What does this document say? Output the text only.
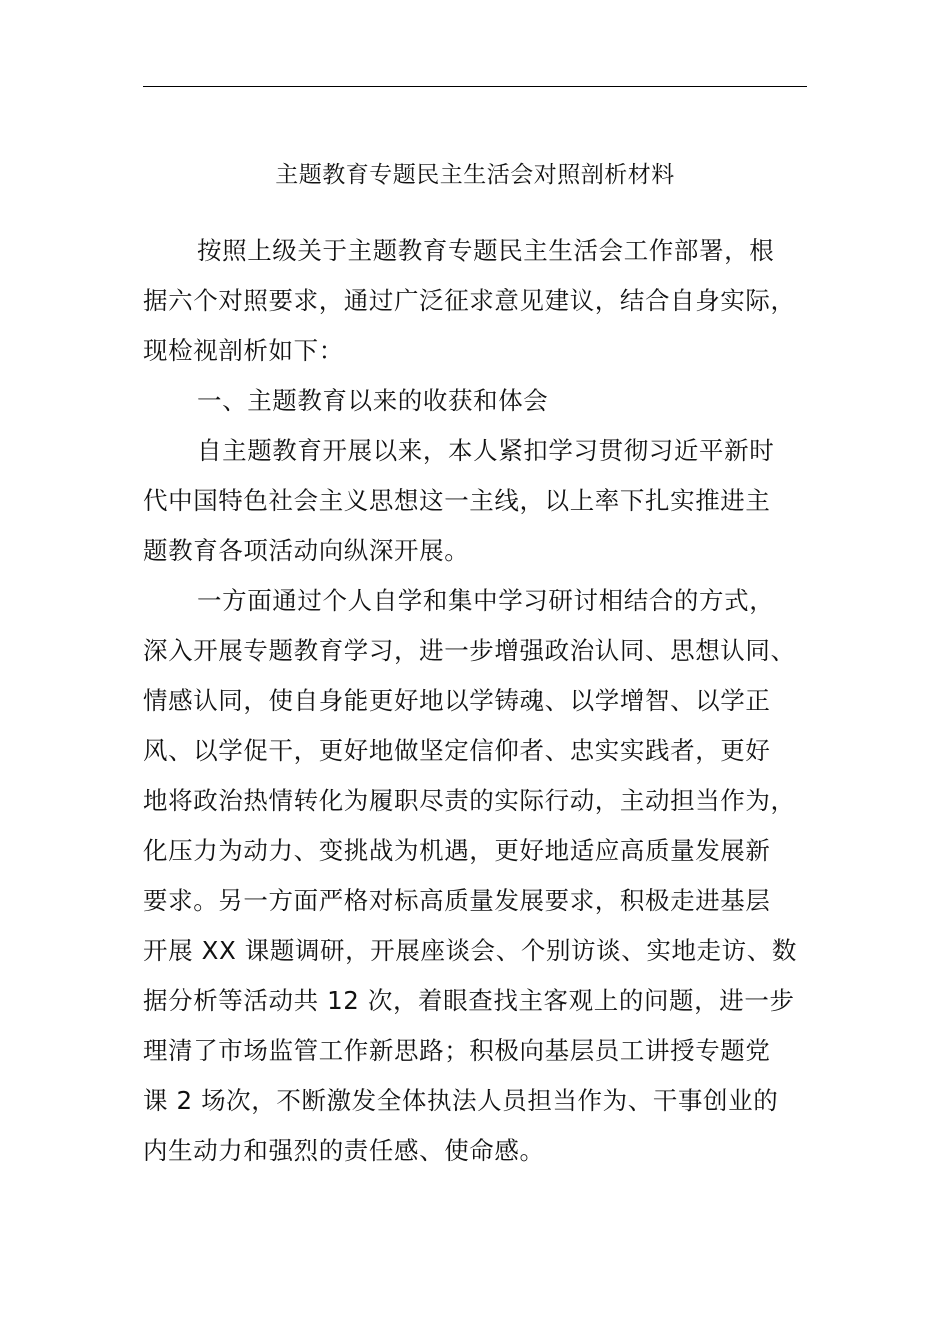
主题教育专题民主生活会对照剖析材料
按照上级关于主题教育专题民主生活会工作部署，根
据六个对照要求，通过广泛征求意见建议，结合自身实际，
现检视剖析如下：
一、主题教育以来的收获和体会
自主题教育开展以来，本人紧扣学习贯彻习近平新时
代中国特色社会主义思想这一主线，以上率下扎实推进主
题教育各项活动向纵深开展。
一方面通过个人自学和集中学习研讨相结合的方式，
深入开展专题教育学习，进一步增强政治认同、思想认同、
情感认同，使自身能更好地以学铸魂、以学增智、以学正
风、以学促干，更好地做坚定信仰者、忠实实践者，更好
地将政治热情转化为履职尽责的实际行动，主动担当作为，
化压力为动力、变挑战为机遇，更好地适应高质量发展新
要求。另一方面严格对标高质量发展要求，积极走进基层
开展 XX 课题调研，开展座谈会、个别访谈、实地走访、数
据分析等活动共 12 次，着眼查找主客观上的问题，进一步
理清了市场监管工作新思路；积极向基层员工讲授专题党
课 2 场次，不断激发全体执法人员担当作为、干事创业的
内生动力和强烈的责任感、使命感。
